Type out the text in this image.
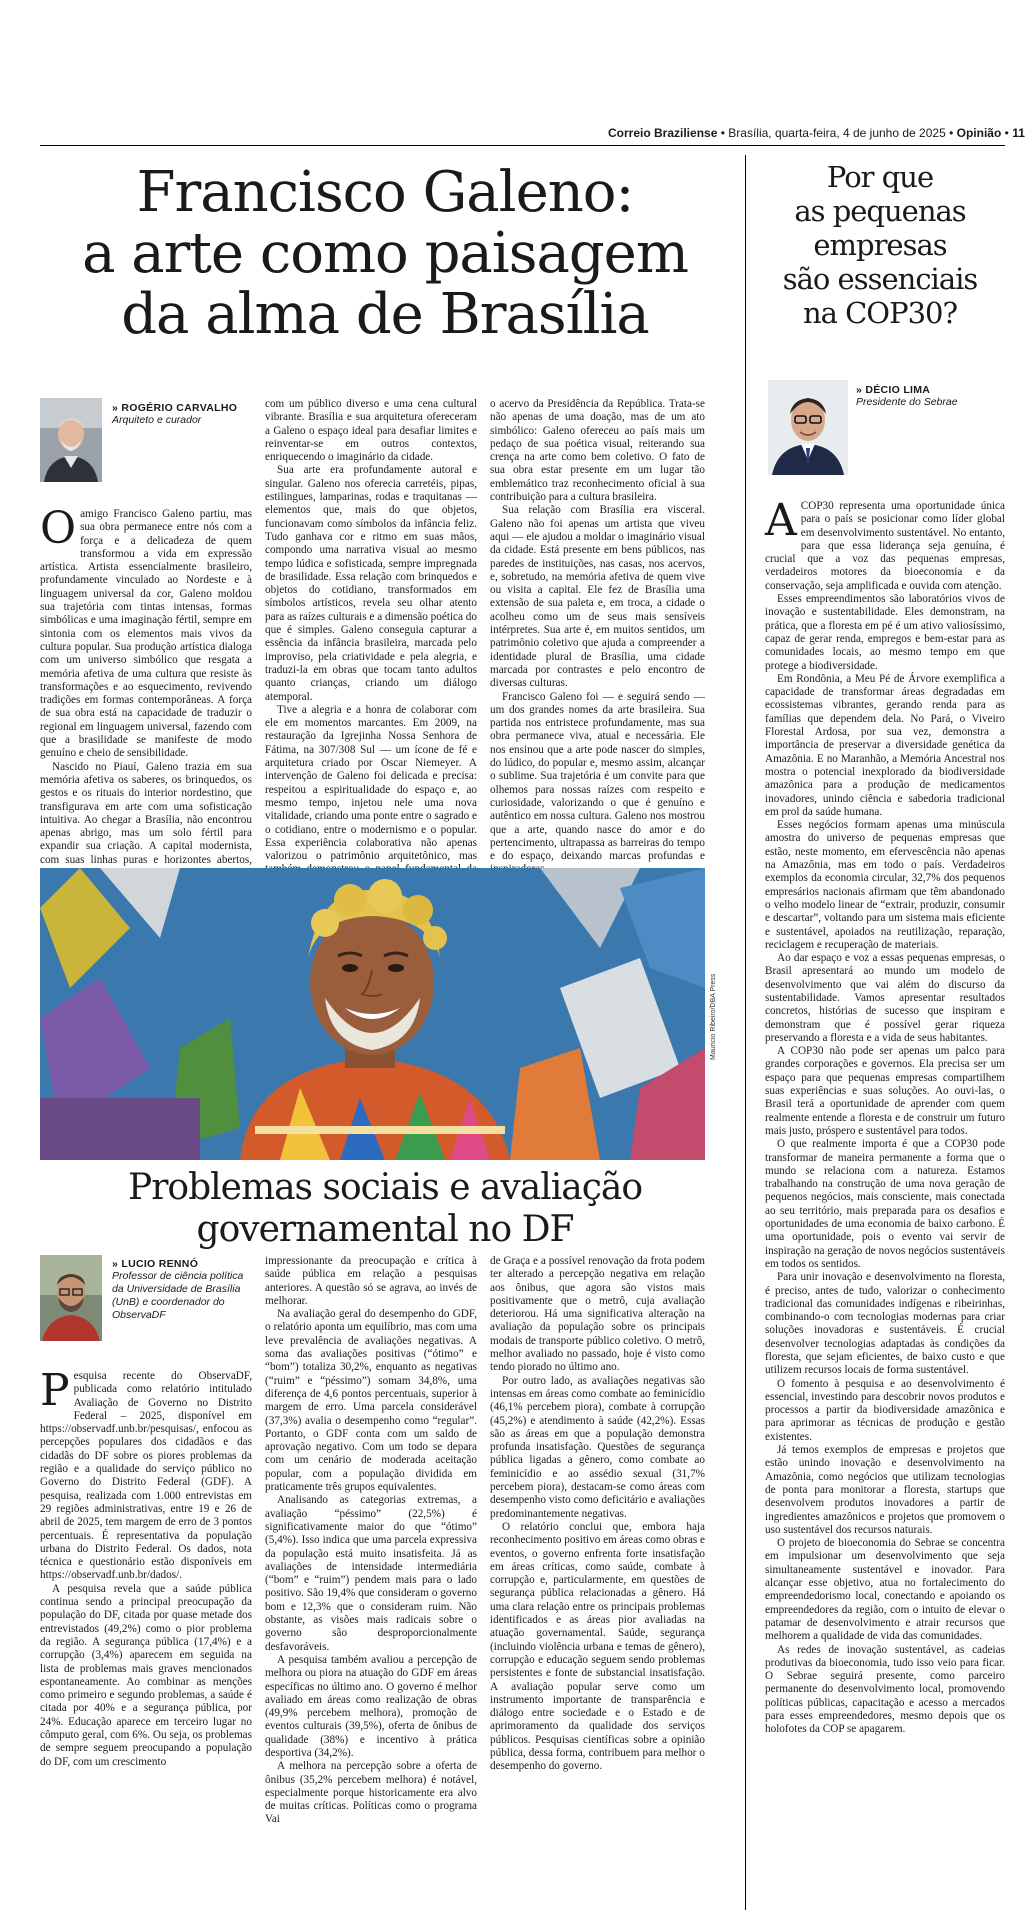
Correio Braziliense • Brasília, quarta-feira, 4 de junho de 2025 • Opinião • 11
Francisco Galeno:
a arte como paisagem
da alma de Brasília
» ROGÉRIO CARVALHO
Arquiteto e curador

Oamigo Francisco Galeno partiu, mas sua obra permanece entre nós com a força e a delicadeza de quem transformou a vida em expressão artística. Artista essencialmente brasileiro, profundamente vinculado ao Nordeste e à linguagem universal da cor, Galeno moldou sua trajetória com tintas intensas, formas simbólicas e uma imaginação fértil, sempre em sintonia com os elementos mais vivos da cultura popular. Sua produção artística dialoga com um universo simbólico que resgata a memória afetiva de uma cultura que resiste às transformações e ao esquecimento, revivendo tradições em formas contemporâneas. A força de sua obra está na capacidade de traduzir o regional em linguagem universal, fazendo com que a brasilidade se manifeste de modo genuíno e cheio de sensibilidade.

Nascido no Piauí, Galeno trazia em sua memória afetiva os saberes, os brinquedos, os gestos e os rituais do interior nordestino, que transfigurava em arte com uma sofisticação intuitiva. Ao chegar a Brasília, não encontrou apenas abrigo, mas um solo fértil para expandir sua criação. A capital modernista, com suas linhas puras e horizontes abertos,

com um público diverso e uma cena cultural vibrante. Brasília e sua arquitetura ofereceram a Galeno o espaço ideal para desafiar limites e reinventar-se em outros contextos, enriquecendo o imaginário da cidade.

Sua arte era profundamente autoral e singular. Galeno nos oferecia carretéis, pipas, estilingues, lamparinas, rodas e traquitanas — elementos que, mais do que objetos, funcionavam como símbolos da infância feliz. Tudo ganhava cor e ritmo em suas mãos, compondo uma narrativa visual ao mesmo tempo lúdica e sofisticada, sempre impregnada de brasilidade. Essa relação com brinquedos e objetos do cotidiano, transformados em símbolos artísticos, revela seu olhar atento para as raízes culturais e a dimensão poética do que é simples. Galeno conseguia capturar a essência da infância brasileira, marcada pelo improviso, pela criatividade e pela alegria, e traduzi-la em obras que tocam tanto adultos quanto crianças, criando um diálogo atemporal.

Tive a alegria e a honra de colaborar com ele em momentos marcantes. Em 2009, na restauração da Igrejinha Nossa Senhora de Fátima, na 307/308 Sul — um ícone de fé e arquitetura criado por Oscar Niemeyer. A intervenção de Galeno foi delicada e precisa: respeitou a espiritualidade do espaço e, ao mesmo tempo, injetou nele uma nova vitalidade, criando uma ponte entre o sagrado e o cotidiano, entre o modernismo e o popular. Essa experiência colaborativa não apenas valorizou o patrimônio arquitetônico, mas

o acervo da Presidência da República. Trata-se não apenas de uma doação, mas de um ato simbólico: Galeno ofereceu ao país mais um pedaço de sua poética visual, reiterando sua crença na arte como bem coletivo. O fato de sua obra estar presente em um lugar tão emblemático traz reconhecimento oficial à sua contribuição para a cultura brasileira.

Sua relação com Brasília era visceral. Galeno não foi apenas um artista que viveu aqui — ele ajudou a moldar o imaginário visual da cidade. Está presente em bens públicos, nas paredes de instituições, nas casas, nos acervos, e, sobretudo, na memória afetiva de quem vive ou visita a capital. Ele fez de Brasília uma extensão de sua paleta e, em troca, a cidade o acolheu como um de seus mais sensíveis intérpretes. Sua arte é, em muitos sentidos, um patrimônio coletivo que ajuda a compreender a identidade plural de Brasília, uma cidade marcada por contrastes e pelo encontro de diversas culturas.

Francisco Galeno foi — e seguirá sendo — um dos grandes nomes da arte brasileira. Sua partida nos entristece profundamente, mas sua obra permanece viva, atual e necessária. Ele nos ensinou que a arte pode nascer do simples, do lúdico, do popular e, mesmo assim, alcançar o sublime. Sua trajetória é um convite para que olhemos para nossas raízes com respeito e curiosidade, valorizando o que é genuíno e autêntico em nossa cultura. Galeno nos mostrou que a arte, quando nasce do amor e do pertencimento, ultrapassa as barreiras do tempo e do espaço, deixando marcas profundas e

Mauricio Ribeiro/DBA Press
Problemas sociais e avaliação
governamental no DF
» LUCIO RENNÓ
Professor de ciência política da Universidade de Brasília (UnB) e coordenador do ObservaDF

Pesquisa recente do ObservaDF, publicada como relatório intitulado Avaliação de Governo no Distrito Federal – 2025, disponível em https://observadf.unb.br/pesquisas/, enfocou as percepções populares dos cidadãos e das cidadãs do DF sobre os piores problemas da região e a qualidade do serviço público no Governo do Distrito Federal (GDF). A pesquisa, realizada com 1.000 entrevistas em 29 regiões administrativas, entre 19 e 26 de abril de 2025, tem margem de erro de 3 pontos percentuais. É representativa da população urbana do Distrito Federal. Os dados, nota técnica e questionário estão disponíveis em https://observadf.unb.br/dados/.

A pesquisa revela que a saúde pública continua sendo a principal preocupação da população do DF, citada por quase metade dos entrevistados (49,2%) como o pior problema da região. A segurança pública (17,4%) e a corrupção (3,4%) aparecem em seguida na lista de problemas mais graves mencionados espontaneamente. Ao combinar as menções como primeiro e segundo problemas, a saúde é citada por 40% e a segurança pública, por 24%. Educação aparece em terceiro lugar no cômputo geral, com 6%. Ou seja, os problemas de sempre seguem preocupando a população do DF, com um crescimento

impressionante da preocupação e crítica à saúde pública em relação a pesquisas anteriores. A questão só se agrava, ao invés de melhorar.

Na avaliação geral do desempenho do GDF, o relatório aponta um equilíbrio, mas com uma leve prevalência de avaliações negativas. A soma das avaliações positivas (“ótimo” e “bom”) totaliza 30,2%, enquanto as negativas (“ruim” e “péssimo”) somam 34,8%, uma diferença de 4,6 pontos percentuais, superior à margem de erro. Uma parcela considerável (37,3%) avalia o desempenho como “regular”. Portanto, o GDF conta com um saldo de aprovação negativo. Com um todo se depara com um cenário de moderada aceitação popular, com a população dividida em praticamente três grupos equivalentes.

Analisando as categorias extremas, a avaliação “péssimo” (22,5%) é significativamente maior do que “ótimo” (5,4%). Isso indica que uma parcela expressiva da população está muito insatisfeita. Já as avaliações de intensidade intermediária (“bom” e “ruim”) pendem mais para o lado positivo. São 19,4% que consideram o governo bom e 12,3% que o consideram ruim. Não obstante, as visões mais radicais sobre o governo são desproporcionalmente desfavoráveis.

A pesquisa também avaliou a percepção de melhora ou piora na atuação do GDF em áreas específicas no último ano. O governo é melhor avaliado em áreas como realização de obras (49,9% percebem melhora), promoção de eventos culturais (39,5%), oferta de ônibus de qualidade (38%) e incentivo à prática desportiva (34,2%).

A melhora na percepção sobre a oferta de ônibus (35,2% percebem melhora) é notável, especialmente porque historicamente era alvo de muitas críticas. Políticas como o programa Vai

de Graça e a possível renovação da frota podem ter alterado a percepção negativa em relação aos ônibus, que agora são vistos mais positivamente que o metrô, cuja avaliação deteriorou. Há uma significativa alteração na avaliação da população sobre os principais modais de transporte público coletivo. O metrô, melhor avaliado no passado, hoje é visto como tendo piorado no último ano.

Por outro lado, as avaliações negativas são intensas em áreas como combate ao feminicídio (46,1% percebem piora), combate à corrupção (45,2%) e atendimento à saúde (42,2%). Essas são as áreas em que a população demonstra profunda insatisfação. Questões de segurança pública ligadas a gênero, como combate ao feminicídio e ao assédio sexual (31,7% percebem piora), destacam-se como áreas com desempenho visto como deficitário e avaliações predominantemente negativas.

O relatório conclui que, embora haja reconhecimento positivo em áreas como obras e eventos, o governo enfrenta forte insatisfação em áreas críticas, como saúde, combate à corrupção e, particularmente, em questões de segurança pública relacionadas a gênero. Há uma clara relação entre os principais problemas identificados e as áreas pior avaliadas na atuação governamental. Saúde, segurança (incluindo violência urbana e temas de gênero), corrupção e educação seguem sendo problemas persistentes e fonte de substancial insatisfação. A avaliação popular serve como um instrumento importante de transparência e diálogo entre sociedade e o Estado e de aprimoramento da qualidade dos serviços públicos. Pesquisas científicas sobre a opinião pública, dessa forma, contribuem para melhor o desempenho do governo.

Por que
as pequenas
empresas
são essenciais
na COP30?
» DÉCIO LIMA
Presidente do Sebrae

ACOP30 representa uma oportunidade única para o país se posicionar como líder global em desenvolvimento sustentável. No entanto, para que essa liderança seja genuína, é crucial que a voz das pequenas empresas, verdadeiros motores da bioeconomia e da conservação, seja amplificada e ouvida com atenção.

Esses empreendimentos são laboratórios vivos de inovação e sustentabilidade. Eles demonstram, na prática, que a floresta em pé é um ativo valiosíssimo, capaz de gerar renda, empregos e bem-estar para as comunidades locais, ao mesmo tempo em que protege a biodiversidade.

Em Rondônia, a Meu Pé de Árvore exemplifica a capacidade de transformar áreas degradadas em ecossistemas vibrantes, gerando renda para as famílias que dependem dela. No Pará, o Viveiro Florestal Ardosa, por sua vez, demonstra a importância de preservar a diversidade genética da Amazônia. E no Maranhão, a Memória Ancestral nos mostra o potencial inexplorado da biodiversidade amazônica para a produção de medicamentos inovadores, unindo ciência e sabedoria tradicional em prol da saúde humana.

Esses negócios formam apenas uma minúscula amostra do universo de pequenas empresas que estão, neste momento, em efervescência não apenas na Amazônia, mas em todo o país. Verdadeiros exemplos da economia circular, 32,7% dos pequenos empresários nacionais afirmam que têm abandonado o velho modelo linear de “extrair, produzir, consumir e descartar”, voltando para um sistema mais eficiente e sustentável, apoiados na reutilização, reparação, reciclagem e recuperação de materiais.

Ao dar espaço e voz a essas pequenas empresas, o Brasil apresentará ao mundo um modelo de desenvolvimento que vai além do discurso da sustentabilidade. Vamos apresentar resultados concretos, histórias de sucesso que inspiram e demonstram que é possível gerar riqueza preservando a floresta e a vida de seus habitantes.

A COP30 não pode ser apenas um palco para grandes corporações e governos. Ela precisa ser um espaço para que pequenas empresas compartilhem suas experiências e suas soluções. Ao ouvi-las, o Brasil terá a oportunidade de aprender com quem realmente entende a floresta e de construir um futuro mais justo, próspero e sustentável para todos.

O que realmente importa é que a COP30 pode transformar de maneira permanente a forma que o mundo se relaciona com a natureza. Estamos trabalhando na construção de uma nova geração de pequenos negócios, mais consciente, mais conectada ao seu território, mais preparada para os desafios e oportunidades de uma economia de baixo carbono. É uma oportunidade, pois o evento vai servir de inspiração na geração de novos negócios sustentáveis em todos os sentidos.

Para unir inovação e desenvolvimento na floresta, é preciso, antes de tudo, valorizar o conhecimento tradicional das comunidades indígenas e ribeirinhas, combinando-o com tecnologias modernas para criar soluções inovadoras e sustentáveis. É crucial desenvolver tecnologias adaptadas às condições da floresta, que sejam eficientes, de baixo custo e que utilizem recursos locais de forma sustentável.

O fomento à pesquisa e ao desenvolvimento é essencial, investindo para descobrir novos produtos e processos a partir da biodiversidade amazônica e para aprimorar as técnicas de produção e gestão existentes.

Já temos exemplos de empresas e projetos que estão unindo inovação e desenvolvimento na Amazônia, como negócios que utilizam tecnologias de ponta para monitorar a floresta, startups que desenvolvem produtos inovadores a partir de ingredientes amazônicos e projetos que promovem o uso sustentável dos recursos naturais.

O projeto de bioeconomia do Sebrae se concentra em impulsionar um desenvolvimento que seja simultaneamente sustentável e inovador. Para alcançar esse objetivo, atua no fortalecimento do empreendedorismo local, conectando e apoiando os empreendedores da região, com o intuito de elevar o patamar de desenvolvimento e atrair recursos que melhorem a qualidade de vida das comunidades.

As redes de inovação sustentável, as cadeias produtivas da bioeconomia, tudo isso veio para ficar. O Sebrae seguirá presente, como parceiro permanente do desenvolvimento local, promovendo políticas públicas, capacitação e acesso a mercados para esses empreendedores, mesmo depois que os holofotes da COP se apagarem.
